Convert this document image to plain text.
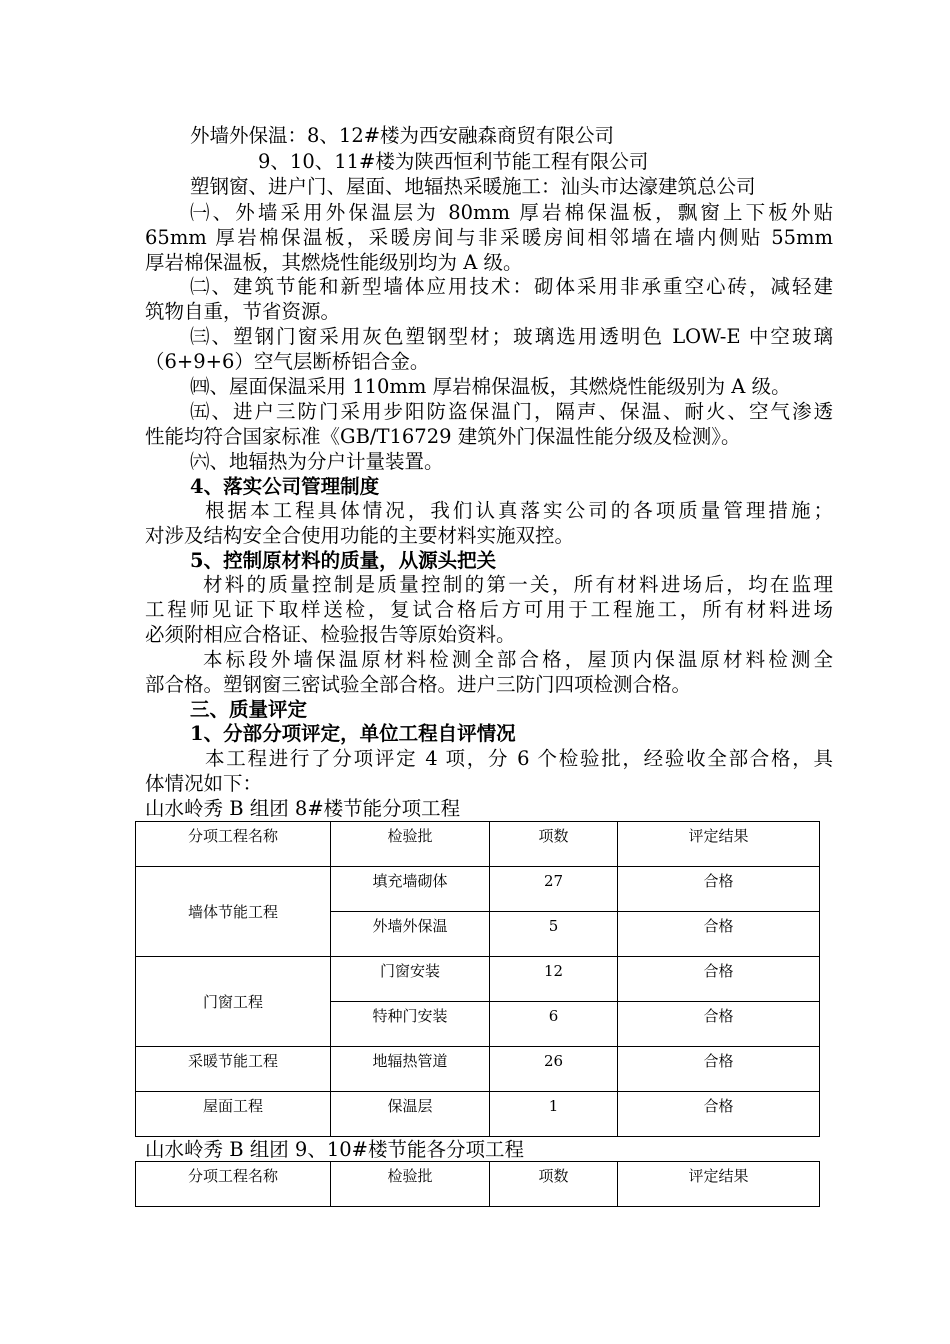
外墙外保温：8、12#楼为西安融森商贸有限公司
9、10、11#楼为陕西恒利节能工程有限公司
塑钢窗、进户门、屋面、地辐热采暖施工：汕头市达濠建筑总公司
㈠、外墙采用外保温层为 80mm 厚岩棉保温板，飘窗上下板外贴
65mm 厚岩棉保温板，采暖房间与非采暖房间相邻墙在墙内侧贴 55mm
厚岩棉保温板，其燃烧性能级别均为 A 级。
㈡、建筑节能和新型墙体应用技术：砌体采用非承重空心砖，减轻建
筑物自重，节省资源。
㈢、塑钢门窗采用灰色塑钢型材；玻璃选用透明色 LOW-E 中空玻璃
（6+9+6）空气层断桥铝合金。
㈣、屋面保温采用 110mm 厚岩棉保温板，其燃烧性能级别为 A 级。
㈤、进户三防门采用步阳防盗保温门，隔声、保温、耐火、空气渗透
性能均符合国家标准《GB/T16729 建筑外门保温性能分级及检测》。
㈥、地辐热为分户计量装置。
4、落实公司管理制度
根据本工程具体情况，我们认真落实公司的各项质量管理措施；
对涉及结构安全合使用功能的主要材料实施双控。
5、控制原材料的质量，从源头把关
材料的质量控制是质量控制的第一关，所有材料进场后，均在监理
工程师见证下取样送检，复试合格后方可用于工程施工，所有材料进场
必须附相应合格证、检验报告等原始资料。
本标段外墙保温原材料检测全部合格，屋顶内保温原材料检测全
部合格。塑钢窗三密试验全部合格。进户三防门四项检测合格。
三、质量评定
1、分部分项评定，单位工程自评情况
本工程进行了分项评定 4 项，分 6 个检验批，经验收全部合格，具
体情况如下：
山水岭秀 B 组团 8#楼节能分项工程
分项工程名称	检验批	项数	评定结果

墙体节能工程	填充墙砌体	27	合格

	外墙外保温	5	合格

门窗工程	门窗安装	12	合格

	特种门安装	6	合格

采暖节能工程	地辐热管道	26	合格

屋面工程	保温层	1	合格
山水岭秀 B 组团 9、10#楼节能各分项工程
分项工程名称	检验批	项数	评定结果
